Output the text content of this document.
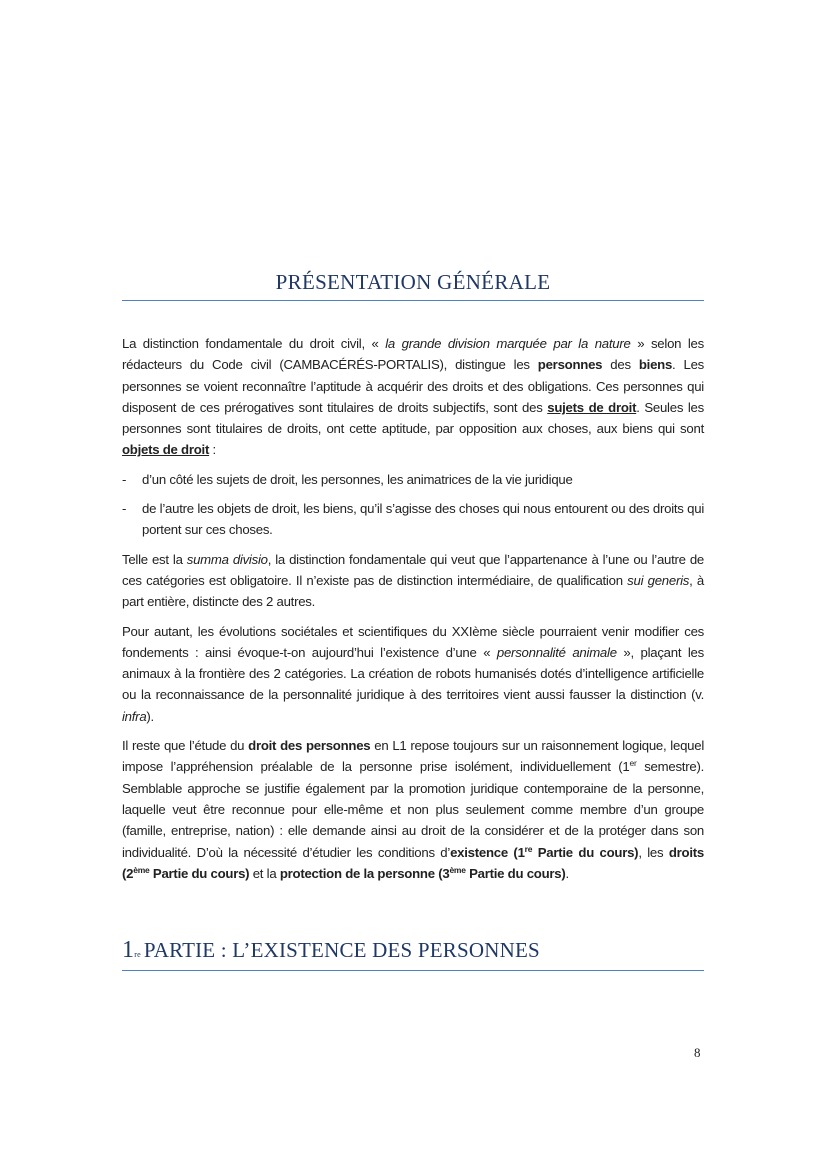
PRÉSENTATION GÉNÉRALE

La distinction fondamentale du droit civil, « la grande division marquée par la nature » selon les rédacteurs du Code civil (CAMBACÉRÉS-PORTALIS), distingue les personnes des biens. Les personnes se voient reconnaître l’aptitude à acquérir des droits et des obligations. Ces personnes qui disposent de ces prérogatives sont titulaires de droits subjectifs, sont des sujets de droit. Seules les personnes sont titulaires de droits, ont cette aptitude, par opposition aux choses, aux biens qui sont objets de droit :

- d’un côté les sujets de droit, les personnes, les animatrices de la vie juridique

- de l’autre les objets de droit, les biens, qu’il s’agisse des choses qui nous entourent ou des droits qui portent sur ces choses.

Telle est la summa divisio, la distinction fondamentale qui veut que l’appartenance à l’une ou l’autre de ces catégories est obligatoire. Il n’existe pas de distinction intermédiaire, de qualification sui generis, à part entière, distincte des 2 autres.

Pour autant, les évolutions sociétales et scientifiques du XXIème siècle pourraient venir modifier ces fondements : ainsi évoque-t-on aujourd’hui l’existence d’une « personnalité animale », plaçant les animaux à la frontière des 2 catégories. La création de robots humanisés dotés d’intelligence artificielle ou la reconnaissance de la personnalité juridique à des territoires vient aussi fausser la distinction (v. infra).

Il reste que l’étude du droit des personnes en L1 repose toujours sur un raisonnement logique, lequel impose l’appréhension préalable de la personne prise isolément, individuellement (1er semestre). Semblable approche se justifie également par la promotion juridique contemporaine de la personne, laquelle veut être reconnue pour elle-même et non plus seulement comme membre d’un groupe (famille, entreprise, nation) : elle demande ainsi au droit de la considérer et de la protéger dans son individualité. D’où la nécessité d’étudier les conditions d’existence (1re Partie du cours), les droits (2ème Partie du cours) et la protection de la personne (3ème Partie du cours).

1re PARTIE : L’EXISTENCE DES PERSONNES
8
